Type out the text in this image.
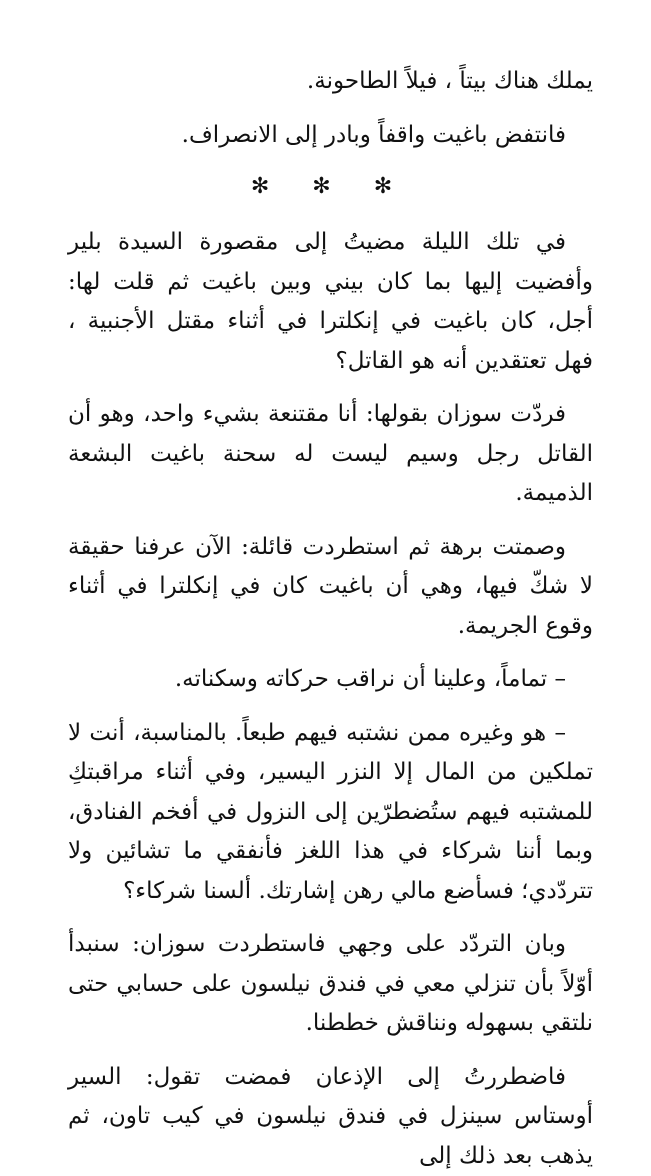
يملك هناك بيتاً ، فيلاً الطاحونة.

فانتفض باغيت واقفاً وبادر إلى الانصراف.

✻ ✻ ✻

في تلك الليلة مضيتُ إلى مقصورة السيدة بلير وأفضيت إليها بما كان بيني وبين باغيت ثم قلت لها: أجل، كان باغيت في إنكلترا في أثناء مقتل الأجنبية ، فهل تعتقدين أنه هو القاتل؟

فردّت سوزان بقولها: أنا مقتنعة بشيء واحد، وهو أن القاتل رجل وسيم ليست له سحنة باغيت البشعة الذميمة.

وصمتت برهة ثم استطردت قائلة: الآن عرفنا حقيقة لا شكّ فيها، وهي أن باغيت كان في إنكلترا في أثناء وقوع الجريمة.

– تماماً، وعلينا أن نراقب حركاته وسكناته.

– هو وغيره ممن نشتبه فيهم طبعاً. بالمناسبة، أنت لا تملكين من المال إلا النزر اليسير، وفي أثناء مراقبتكِ للمشتبه فيهم ستُضطرّين إلى النزول في أفخم الفنادق، وبما أننا شركاء في هذا اللغز فأنفقي ما تشائين ولا تتردّدي؛ فسأضع مالي رهن إشارتك. ألسنا شركاء؟

وبان التردّد على وجهي فاستطردت سوزان: سنبدأ أوّلاً بأن تنزلي معي في فندق نيلسون على حسابي حتى نلتقي بسهوله ونناقش خططنا.

فاضطررتُ إلى الإذعان فمضت تقول: السير أوستاس سينزل في فندق نيلسون في كيب تاون، ثم يذهب بعد ذلك إلى
